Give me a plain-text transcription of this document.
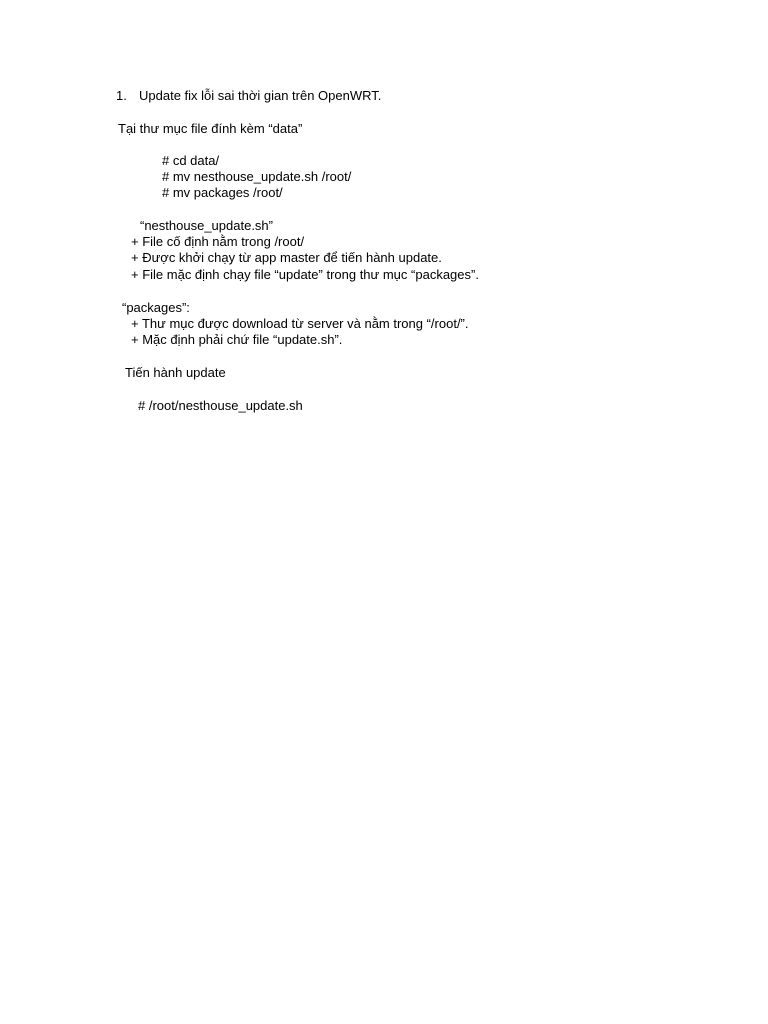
1. Update fix lỗi sai thời gian trên OpenWRT.
Tại thư mục file đính kèm “data”
# cd data/
# mv nesthouse_update.sh /root/
# mv packages /root/
“nesthouse_update.sh”
+ File cố định nằm trong /root/
+ Được khởi chạy từ app master để tiến hành update.
+ File mặc định chạy file “update” trong thư mục “packages”.
“packages”:
+ Thư mục được download từ server và nằm trong “/root/”.
+ Mặc định phải chứ file “update.sh”.
Tiến hành update
# /root/nesthouse_update.sh
